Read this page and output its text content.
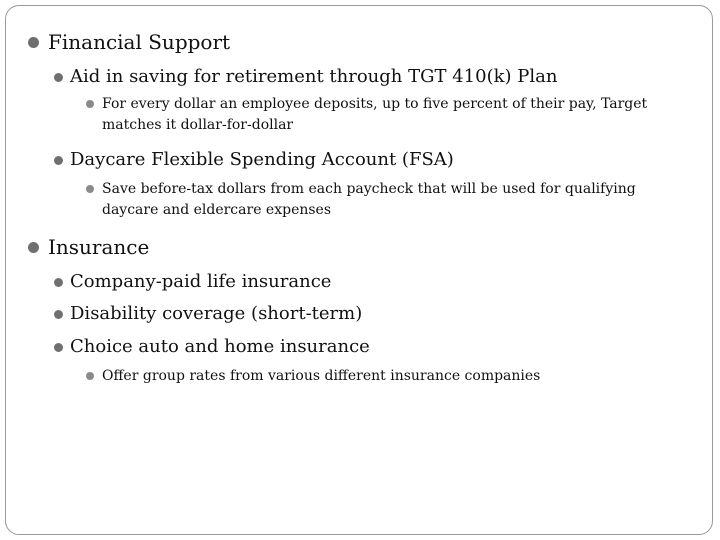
Financial Support
Aid in saving for retirement through TGT 410(k) Plan
For every dollar an employee deposits, up to five percent of their pay, Target matches it dollar-for-dollar
Daycare Flexible Spending Account (FSA)
Save before-tax dollars from each paycheck that will be used for qualifying daycare and eldercare expenses
Insurance
Company-paid life insurance
Disability coverage (short-term)
Choice auto and home insurance
Offer group rates from various different insurance companies
